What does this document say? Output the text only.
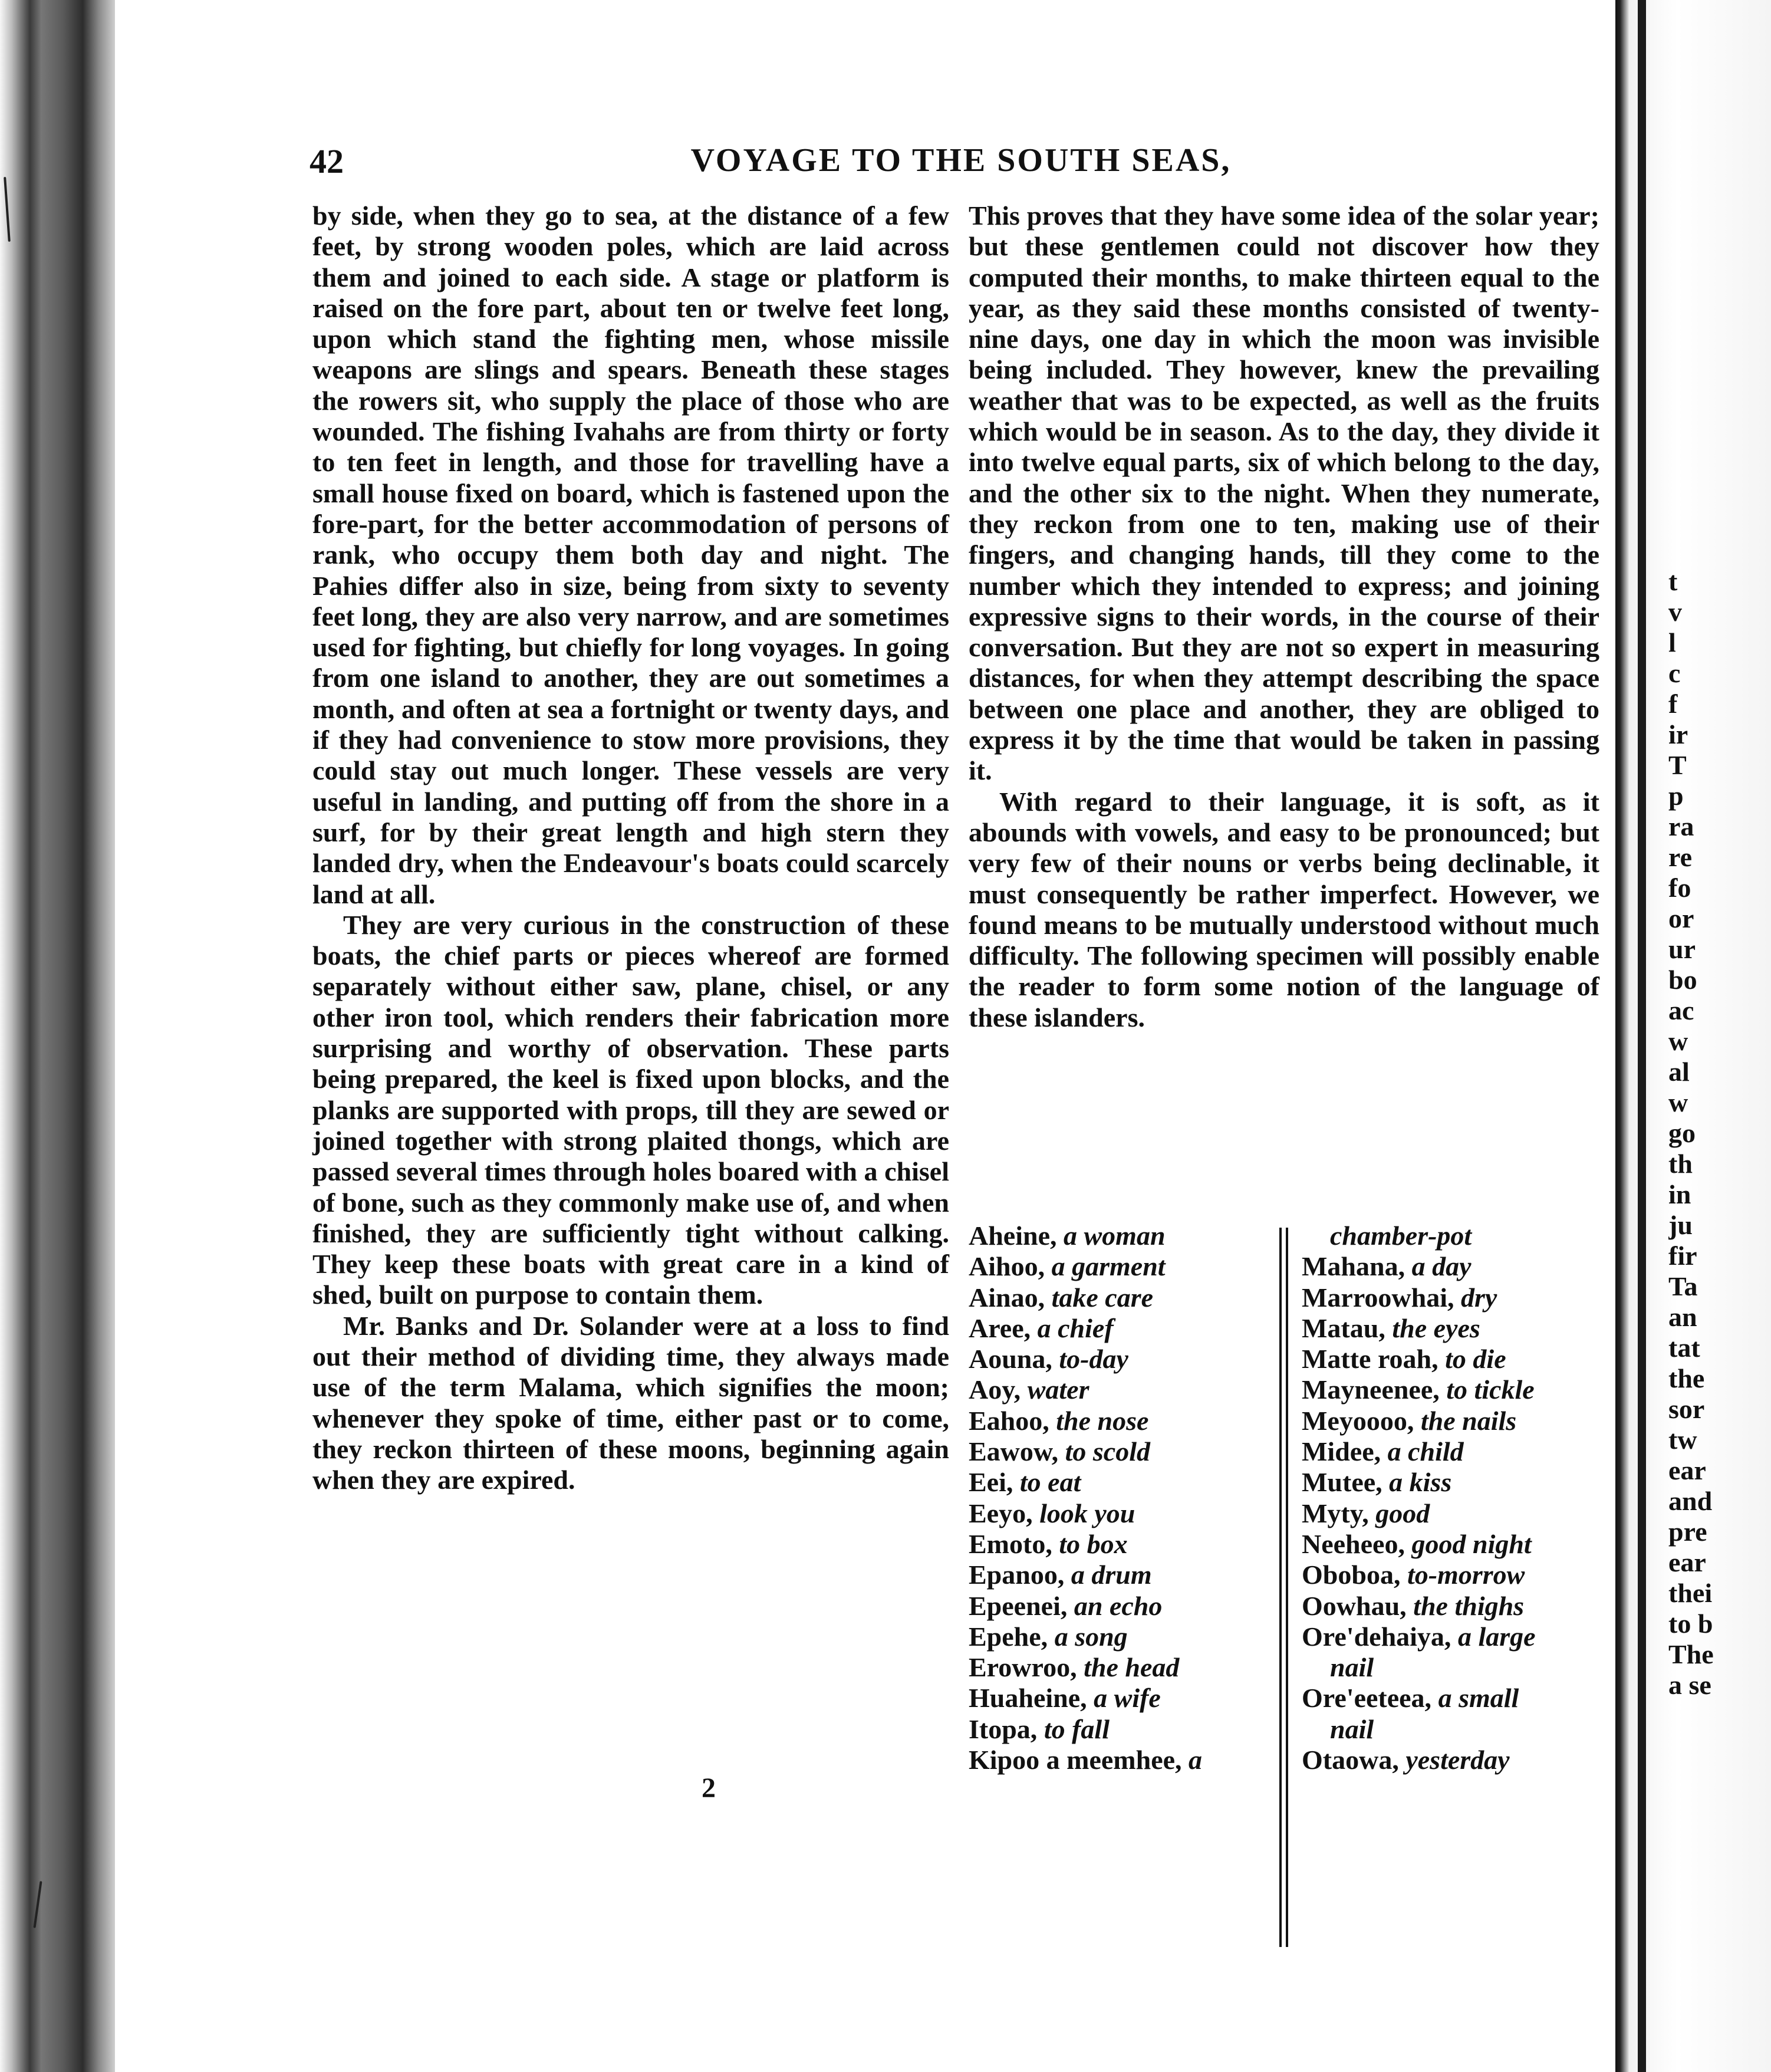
t
v
l
c
f
ir
T
p
ra
re
fo
or
ur
bo
ac
w
al
w
go
th
in
ju
fir
Ta
an
tat
the
sor
tw
ear
and
pre
ear
thei
to b
The
a se
42	VOYAGE TO THE SOUTH SEAS,

by side, when they go to sea, at the distance of a few feet, by strong wooden poles, which are laid across them and joined to each side. A stage or platform is raised on the fore part, about ten or twelve feet long, upon which stand the fighting men, whose missile weapons are slings and spears. Beneath these stages the rowers sit, who supply the place of those who are wounded. The fishing Ivahahs are from thirty or forty to ten feet in length, and those for travelling have a small house fixed on board, which is fastened upon the fore-part, for the better accommodation of persons of rank, who occupy them both day and night. The Pahies differ also in size, being from sixty to seventy feet long, they are also very narrow, and are sometimes used for fighting, but chiefly for long voyages. In going from one island to another, they are out sometimes a month, and often at sea a fortnight or twenty days, and if they had convenience to stow more provisions, they could stay out much longer. These vessels are very useful in landing, and putting off from the shore in a surf, for by their great length and high stern they landed dry, when the Endeavour's boats could scarcely land at all.

They are very curious in the construction of these boats, the chief parts or pieces whereof are formed separately without either saw, plane, chisel, or any other iron tool, which renders their fabrication more surprising and worthy of observation. These parts being prepared, the keel is fixed upon blocks, and the planks are supported with props, till they are sewed or joined together with strong plaited thongs, which are passed several times through holes boared with a chisel of bone, such as they commonly make use of, and when finished, they are sufficiently tight without calking. They keep these boats with great care in a kind of shed, built on purpose to contain them.

Mr. Banks and Dr. Solander were at a loss to find out their method of dividing time, they always made use of the term Malama, which signifies the moon; whenever they spoke of time, either past or to come, they reckon thirteen of these moons, beginning again when they are expired.

2

This proves that they have some idea of the solar year; but these gentlemen could not discover how they computed their months, to make thirteen equal to the year, as they said these months consisted of twenty-nine days, one day in which the moon was invisible being included. They however, knew the prevailing weather that was to be expected, as well as the fruits which would be in season. As to the day, they divide it into twelve equal parts, six of which belong to the day, and the other six to the night. When they numerate, they reckon from one to ten, making use of their fingers, and changing hands, till they come to the number which they intended to express; and joining expressive signs to their words, in the course of their conversation. But they are not so expert in measuring distances, for when they attempt describing the space between one place and another, they are obliged to express it by the time that would be taken in passing it.

With regard to their language, it is soft, as it abounds with vowels, and easy to be pronounced; but very few of their nouns or verbs being declinable, it must consequently be rather imperfect. However, we found means to be mutually understood without much difficulty. The following specimen will possibly enable the reader to form some notion of the language of these islanders.

Aheine, a woman
Aihoo, a garment
Ainao, take care
Aree, a chief
Aouna, to-day
Aoy, water
Eahoo, the nose
Eawow, to scold
Eei, to eat
Eeyo, look you
Emoto, to box
Epanoo, a drum
Epeenei, an echo
Epehe, a song
Erowroo, the head
Huaheine, a wife
Itopa, to fall
Kipoo a meemhee, a
chamber-pot
Mahana, a day
Marroowhai, dry
Matau, the eyes
Matte roah, to die
Mayneenee, to tickle
Meyoooo, the nails
Midee, a child
Mutee, a kiss
Myty, good
Neeheeo, good night
Oboboa, to-morrow
Oowhau, the thighs
Ore'dehaiya, a large
nail
Ore'eeteea, a small
nail
Otaowa, yesterday
